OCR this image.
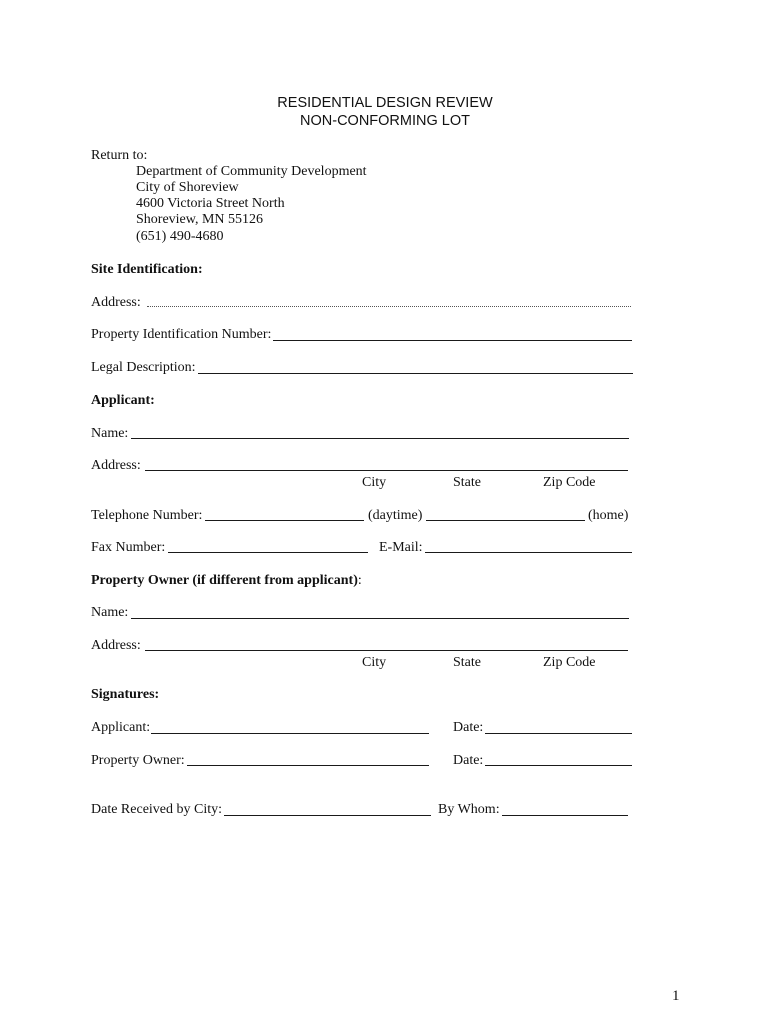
RESIDENTIAL DESIGN REVIEW
NON-CONFORMING LOT
Return to:
Department of Community Development
City of Shoreview
4600 Victoria Street North
Shoreview, MN 55126
(651) 490-4680
Site Identification:
Address:
Property Identification Number:
Legal Description:
Applicant:
Name:
Address:
City	State	Zip Code
Telephone Number:	(daytime)	(home)
Fax Number:	E-Mail:
Property Owner (if different from applicant):
Name:
Address:
City	State	Zip Code
Signatures:
Applicant:	Date:
Property Owner:	Date:
Date Received by City:	By Whom:
1
